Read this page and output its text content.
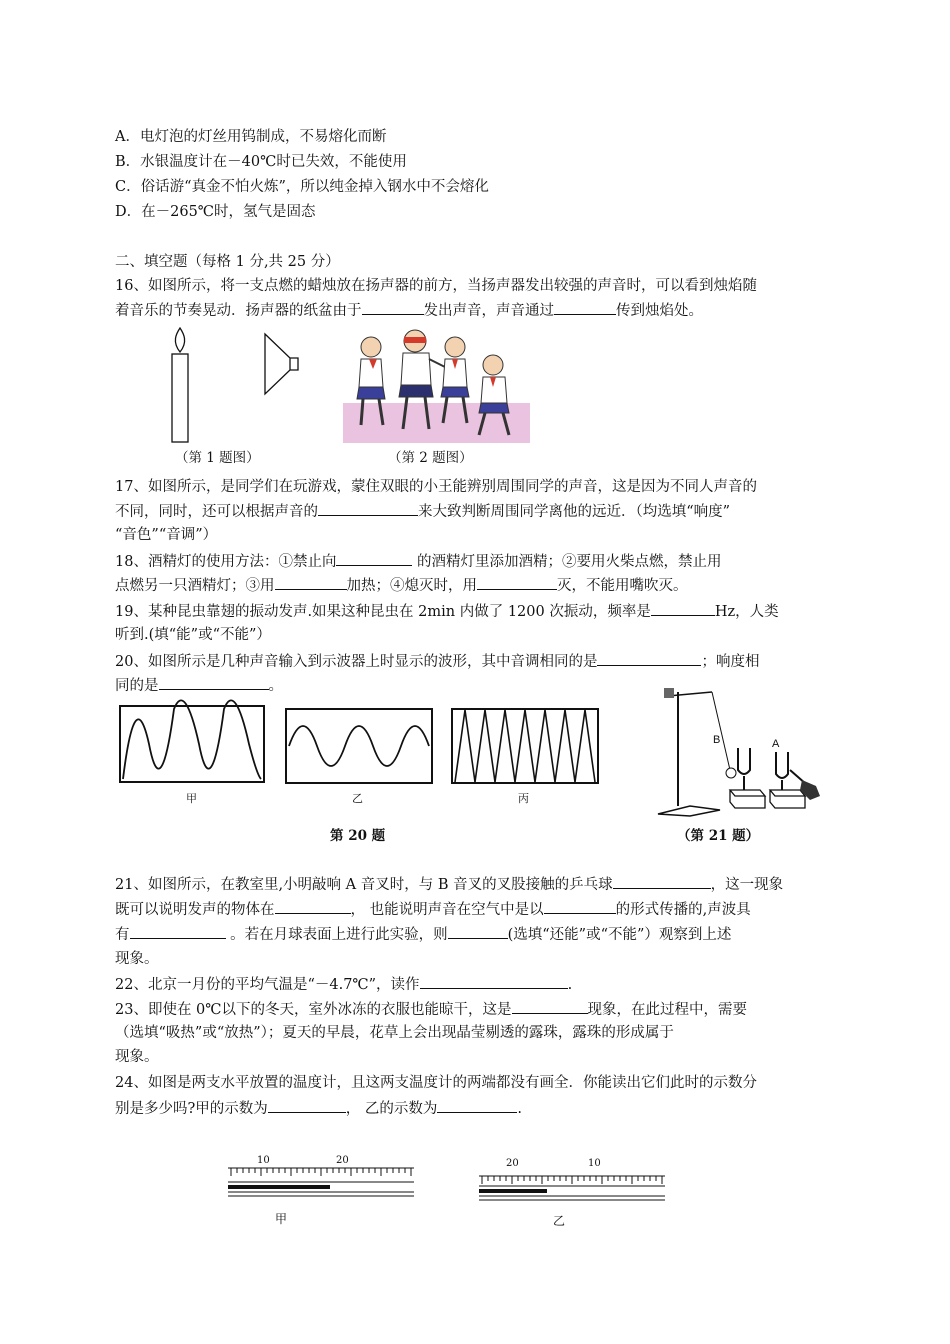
A．电灯泡的灯丝用钨制成，不易熔化而断
B．水银温度计在－40℃时已失效，不能使用
C．俗话游“真金不怕火炼”，所以纯金掉入钢水中不会熔化
D．在－265℃时，氢气是固态
二、填空题（每格 1 分,共 25 分）
16、如图所示，将一支点燃的蜡烛放在扬声器的前方，当扬声器发出较强的声音时，可以看到烛焰随
着音乐的节奏晃动．扬声器的纸盆由于	发出声音，声音通过	传到烛焰处。
（第 1 题图）	（第 2 题图）
17、如图所示，是同学们在玩游戏，蒙住双眼的小王能辨别周围同学的声音，这是因为不同人声音的
不同，同时，还可以根据声音的	来大致判断周围同学离他的远近．（均选填“响度”
“音色”“音调”）
18、酒精灯的使用方法：①禁止向	的酒精灯里添加酒精；②要用火柴点燃，禁止用
点燃另一只酒精灯；③用	加热；④熄灭时，用	灭，不能用嘴吹灭。
19、某种昆虫靠翅的振动发声.如果这种昆虫在 2min 内做了 1200 次振动，频率是	Hz，人类
听到.(填“能”或“不能”）
20、如图所示是几种声音输入到示波器上时显示的波形，其中音调相同的是	；响度相
同的是	。
甲	乙	丙
第 20 题
B	A
（第 21 题）
21、如图所示，在教室里,小明敲响 A 音叉时，与 B 音叉的叉股接触的乒乓球	，这一现象
既可以说明发声的物体在	， 也能说明声音在空气中是以	的形式传播的,声波具
有	。若在月球表面上进行此实验，则	(选填“还能”或“不能”）观察到上述
现象。
22、北京一月份的平均气温是“－4.7℃”，读作	.
23、即使在 0℃以下的冬天，室外冰冻的衣服也能晾干，这是	现象，在此过程中，需要
（选填“吸热”或“放热”）；夏天的早晨，花草上会出现晶莹剔透的露珠，露珠的形成属于
现象。
24、如图是两支水平放置的温度计，且这两支温度计的两端都没有画全．你能读出它们此时的示数分
别是多少吗?甲的示数为	， 乙的示数为	.
10	20
甲
20	10
乙
